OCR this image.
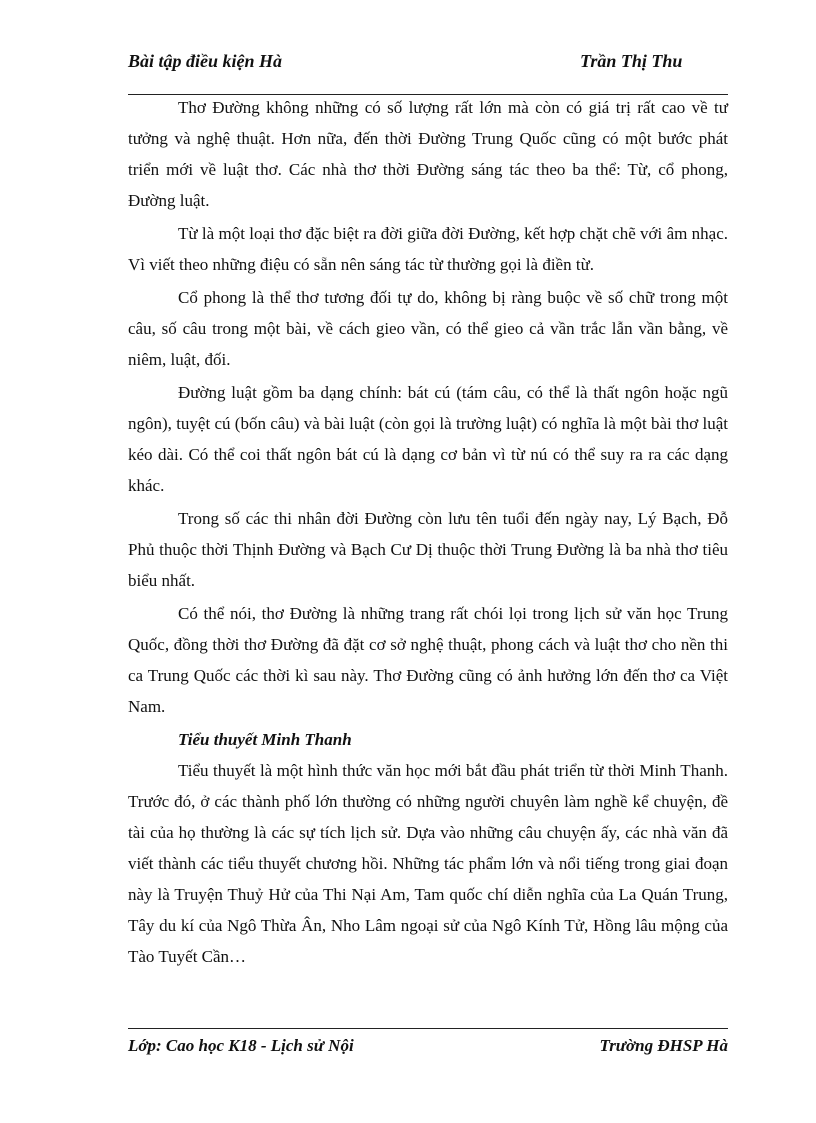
Bài tập điều kiện Hà	Trần Thị Thu

Thơ Đường không những có số lượng rất lớn mà còn có giá trị rất cao về tư tưởng và nghệ thuật. Hơn nữa, đến thời Đường Trung Quốc cũng có một bước phát triển mới về luật thơ. Các nhà thơ thời Đường sáng tác theo ba thể: Từ, cổ phong, Đường luật.

Từ là một loại thơ đặc biệt ra đời giữa đời Đường, kết hợp chặt chẽ với âm nhạc. Vì viết theo những điệu có sẵn nên sáng tác từ thường gọi là điền từ.

Cổ phong là thể thơ tương đối tự do, không bị ràng buộc về số chữ trong một câu, số câu trong một bài, về cách gieo vần, có thể gieo cả vần trắc lẫn vần bằng, về niêm, luật, đối.

Đường luật gồm ba dạng chính: bát cú (tám câu, có thể là thất ngôn hoặc ngũ ngôn), tuyệt cú (bốn câu) và bài luật (còn gọi là trường luật) có nghĩa là một bài thơ luật kéo dài. Có thể coi thất ngôn bát cú là dạng cơ bản vì từ nú có thể suy ra ra các dạng khác.

Trong số các thi nhân đời Đường còn lưu tên tuổi đến ngày nay, Lý Bạch, Đỗ Phủ thuộc thời Thịnh Đường và Bạch Cư Dị thuộc thời Trung Đường là ba nhà thơ tiêu biểu nhất.

Có thể nói, thơ Đường là những trang rất chói lọi trong lịch sử văn học Trung Quốc, đồng thời thơ Đường đã đặt cơ sở nghệ thuật, phong cách và luật thơ cho nền thi ca Trung Quốc các thời kì sau này. Thơ Đường cũng có ảnh hưởng lớn đến thơ ca Việt Nam.

Tiểu thuyết Minh Thanh

Tiểu thuyết là một hình thức văn học mới bắt đầu phát triển từ thời Minh Thanh. Trước đó, ở các thành phố lớn thường có những người chuyên làm nghề kể chuyện, đề tài của họ thường là các sự tích lịch sử. Dựa vào những câu chuyện ấy, các nhà văn đã viết thành các tiểu thuyết chương hồi. Những tác phẩm lớn và nổi tiếng trong giai đoạn này là Truyện Thuỷ Hử của Thi Nại Am, Tam quốc chí diễn nghĩa của La Quán Trung, Tây du kí của Ngô Thừa Ân, Nho Lâm ngoại sử của Ngô Kính Tử, Hồng lâu mộng của Tào Tuyết Cần…

Lớp: Cao học K18 - Lịch sử Nội	Trường ĐHSP Hà
